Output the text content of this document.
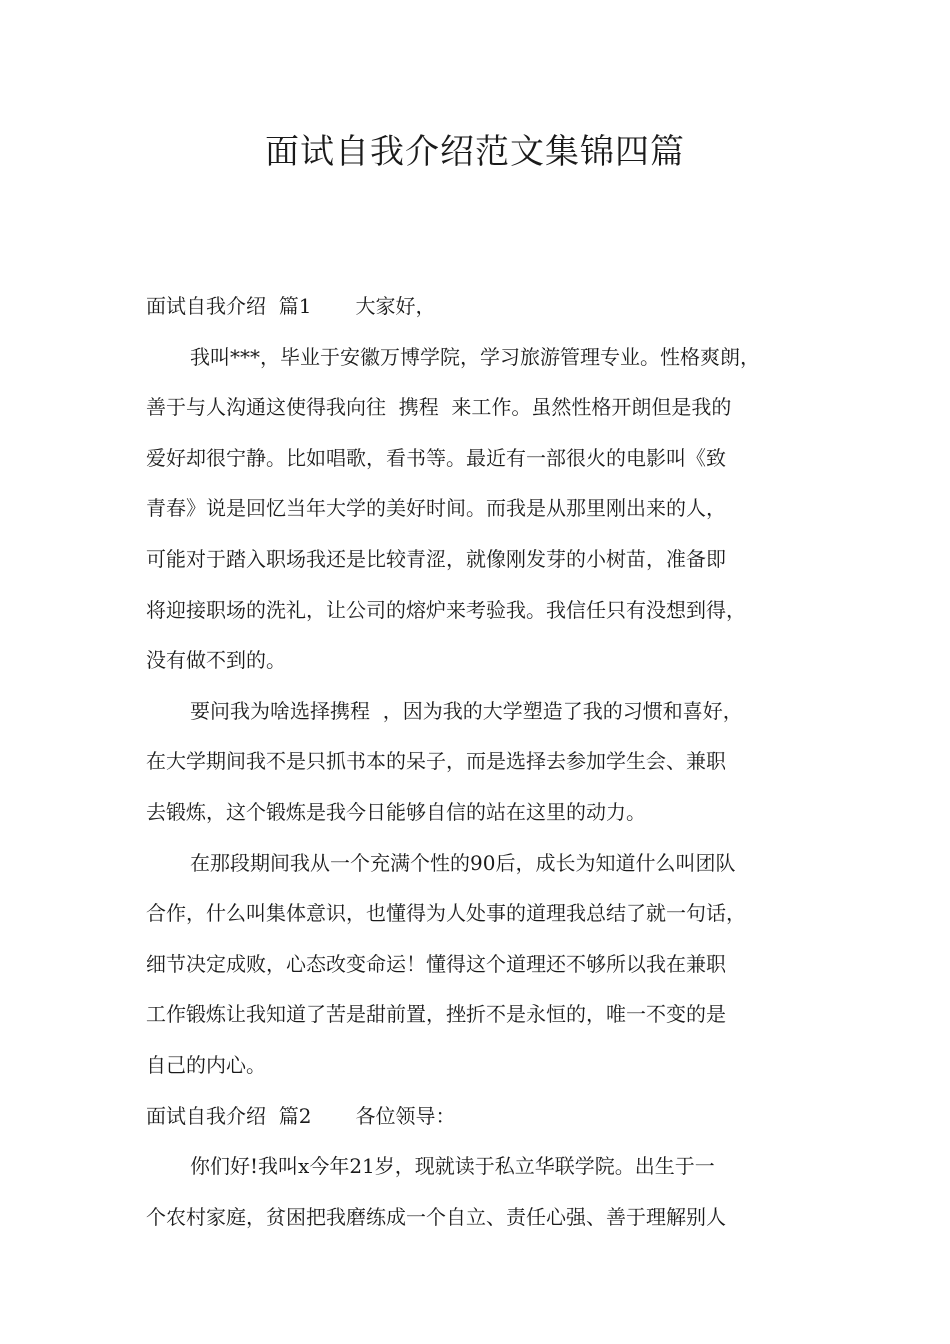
面试自我介绍范文集锦四篇
面试自我介绍  篇1 大家好，
我叫***，毕业于安徽万博学院，学习旅游管理专业。性格爽朗，
善于与人沟通这使得我向往  携程  来工作。虽然性格开朗但是我的
爱好却很宁静。比如唱歌，看书等。最近有一部很火的电影叫《致
青春》说是回忆当年大学的美好时间。而我是从那里刚出来的人，
可能对于踏入职场我还是比较青涩，就像刚发芽的小树苗，准备即
将迎接职场的洗礼，让公司的熔炉来考验我。我信任只有没想到得，
没有做不到的。
要问我为啥选择携程  ，因为我的大学塑造了我的习惯和喜好，
在大学期间我不是只抓书本的呆子，而是选择去参加学生会、兼职
去锻炼，这个锻炼是我今日能够自信的站在这里的动力。
在那段期间我从一个充满个性的90后，成长为知道什么叫团队
合作，什么叫集体意识，也懂得为人处事的道理我总结了就一句话，
细节决定成败，心态改变命运！懂得这个道理还不够所以我在兼职
工作锻炼让我知道了苦是甜前置，挫折不是永恒的，唯一不变的是
自己的内心。
面试自我介绍  篇2 各位领导：
你们好!我叫x今年21岁，现就读于私立华联学院。出生于一
个农村家庭，贫困把我磨练成一个自立、责任心强、善于理解别人
